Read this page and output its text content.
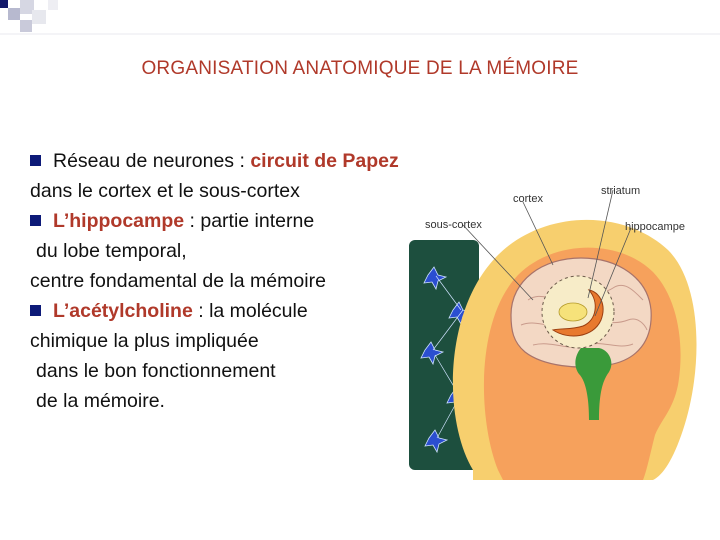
ORGANISATION ANATOMIQUE DE LA MÉMOIRE
Réseau de neurones : circuit de Papez
dans le cortex et le sous-cortex
L’hippocampe : partie interne
du lobe temporal,
centre fondamental de la mémoire
L’acétylcholine : la molécule
chimique la plus impliquée
dans le bon fonctionnement
de la mémoire.
cortex
striatum
sous-cortex	hippocampe
